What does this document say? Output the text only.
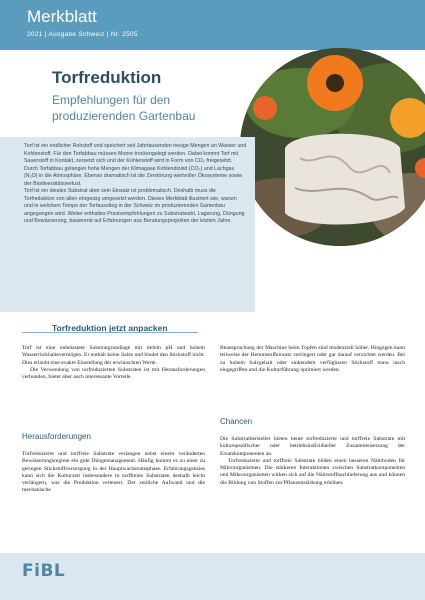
Merkblatt
2021 | Ausgabe Schweiz | Nr. 2505
Torfreduktion
Empfehlungen für den produzierenden Gartenbau
Torf ist ein endlicher Rohstoff und speichert seit Jahrtausenden riesige Mengen an Wasser und Kohlenstoff. Für den Torfabbau müssen Moore trockengelegt werden. Dabei kommt Torf mit Sauerstoff in Kontakt, zersetzt sich und der Kohlenstoff wird in Form von CO₂ freigesetzt. Durch Torfabbau gelangen hohe Mengen der Klimagase Kohlendioxid (CO₂) und Lachgas (N₂O) in die Atmosphäre. Ebenso dramatisch ist die Zerstörung wertvoller Ökosysteme sowie der Biodiversitätsverlust.
Torf ist ein ideales Substrat aber sein Einsatz ist problematisch. Deshalb muss die Torfreduktion von allen ehrgeizig umgesetzt werden. Dieses Merkblatt illustriert wie, warum und in welchem Tempo der Torfausstieg in der Schweiz im produzierenden Gartenbau angegangen wird. Weiter enthaltes Praxisempfehlungen zu Substratwahl, Lagerung, Düngung und Bewässerung, basierend auf Erfahrungen aus Beratungsprojekten der letzten Jahre.
Torfreduktion jetzt anpacken

Torf ist eine unbelastete Substratgrundlage mit tiefem pH und hohem Wasserrückhaltevermögen. Er enthält keine Salze und bindet den Stickstoff nicht. Dies erlaubt eine exakte Einstellung der erwünschten Werte.

Die Verwendung von torfreduzierten Substraten ist mit Herausforderungen verbunden, bietet aber auch interessante Vorteile.

Herausforderungen

Torfreduzierte und torffreie Substrate verlangen nebst einem veränderten Bewässerungsregime ein gute Düngemanagement. Häufig kommt es zu einer zu geringen Stickstoffversorgung in der Hauptwachstumsphase. Erfahrungsgemäss kann sich die Kulturzeit insbesondere in torffreien Substraten deshalb leicht verlängern, was die Produktion verteuert. Der zeitliche Aufwand und die mechanische

Beanspruchung der Maschine beim Topfen sind tendenziell höher. Hingegen kann teilweise der Hemmstoffeinsatz verringert oder gar darauf verzichtet werden. Bei zu hohem Salzgehalt oder sinkendem verfügbaren Stickstoff muss rasch eingegriffen und die Kulturführung optimiert werden.

Chancen

Die Substrathersteller bieten heute torfreduzierte und torffreie Substrate mit kulturspezifischer oder betriebsindividueller Zusammensetzung der Ersatzkomponenten an.

Torfreduzierte und torffreie Substrate bilden einen besseren Nährboden für Mikroorganismen. Die stärkeren Interaktionen zwischen Substratkomponenten und Mikroorganismen wirken sich auf die Nährstoffnachlieferung aus und können die Bildung von Stoffen zur Pflanzenstärkung erhöhen.

FiBL
